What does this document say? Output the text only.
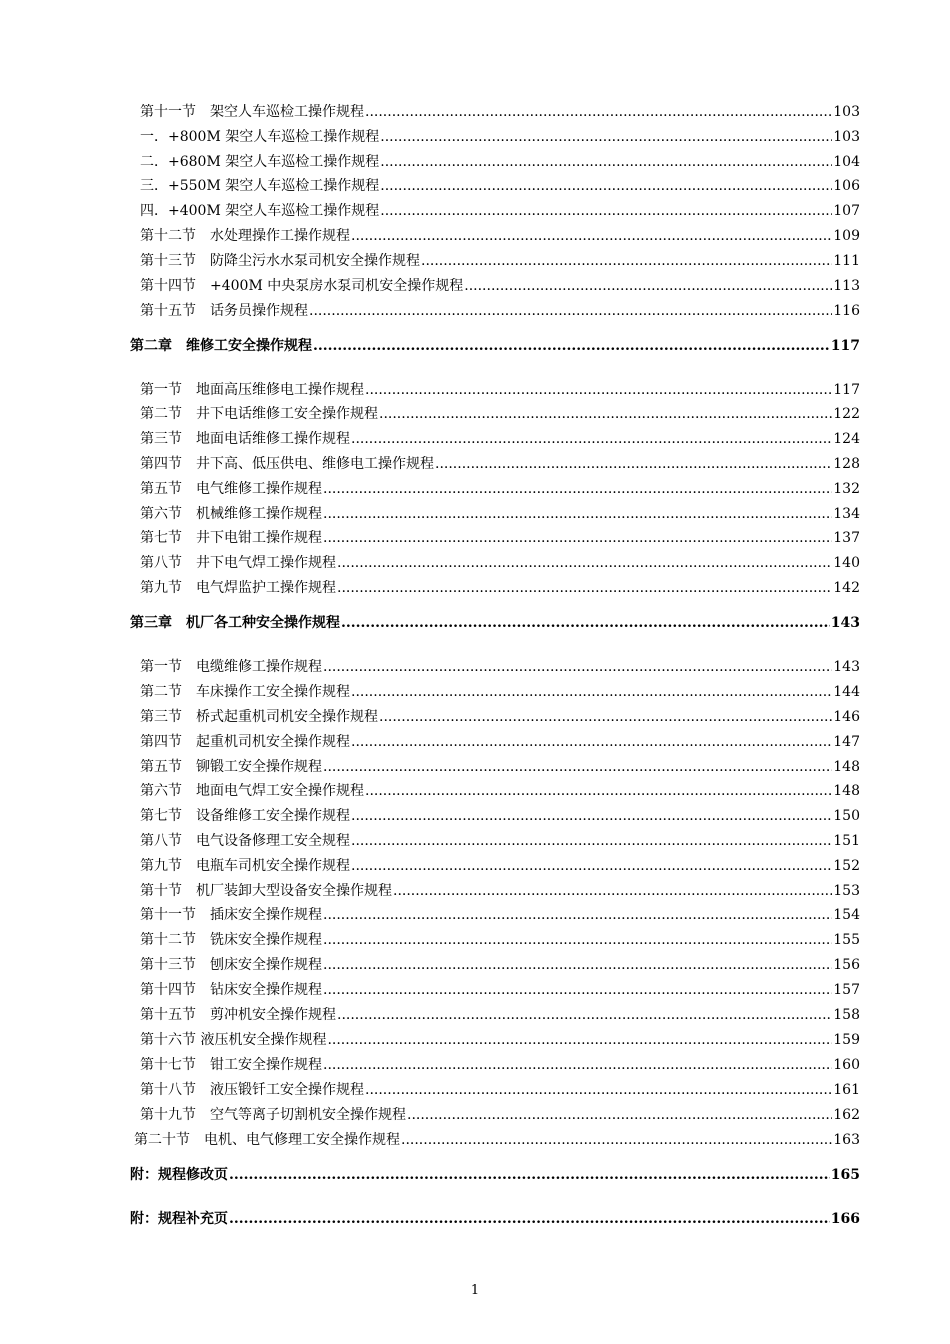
第十一节　架空人车巡检工操作规程 .....	103
一．+800M 架空人车巡检工操作规程 .....	103
二．+680M 架空人车巡检工操作规程 .....	104
三．+550M 架空人车巡检工操作规程 .....	106
四．+400M 架空人车巡检工操作规程 .....	107
第十二节　水处理操作工操作规程 .....	109
第十三节　防降尘污水水泵司机安全操作规程 .....	111
第十四节　+400M 中央泵房水泵司机安全操作规程 .....	113
第十五节　话务员操作规程 .....	116
第二章　维修工安全操作规程 .....	117
第一节　地面高压维修电工操作规程 .....	117
第二节　井下电话维修工安全操作规程 .....	122
第三节　地面电话维修工操作规程 .....	124
第四节　井下高、低压供电、维修电工操作规程 .....	128
第五节　电气维修工操作规程 .....	132
第六节　机械维修工操作规程 .....	134
第七节　井下电钳工操作规程 .....	137
第八节　井下电气焊工操作规程 .....	140
第九节　电气焊监护工操作规程 .....	142
第三章　机厂各工种安全操作规程 .....	143
第一节　电缆维修工操作规程 .....	143
第二节　车床操作工安全操作规程 .....	144
第三节　桥式起重机司机安全操作规程 .....	146
第四节　起重机司机安全操作规程 .....	147
第五节　铆锻工安全操作规程 .....	148
第六节　地面电气焊工安全操作规程 .....	148
第七节　设备维修工安全操作规程 .....	150
第八节　电气设备修理工安全规程 .....	151
第九节　电瓶车司机安全操作规程 .....	152
第十节　机厂装卸大型设备安全操作规程 .....	153
第十一节　插床安全操作规程 .....	154
第十二节　铣床安全操作规程 .....	155
第十三节　刨床安全操作规程 .....	156
第十四节　钻床安全操作规程 .....	157
第十五节　剪冲机安全操作规程 .....	158
第十六节 液压机安全操作规程 .....	159
第十七节　钳工安全操作规程 .....	160
第十八节　液压锻钎工安全操作规程 .....	161
第十九节　空气等离子切割机安全操作规程 .....	162
第二十节　电机、电气修理工安全操作规程 .....	163
附：规程修改页 .....	165
附：规程补充页 .....	166
1
